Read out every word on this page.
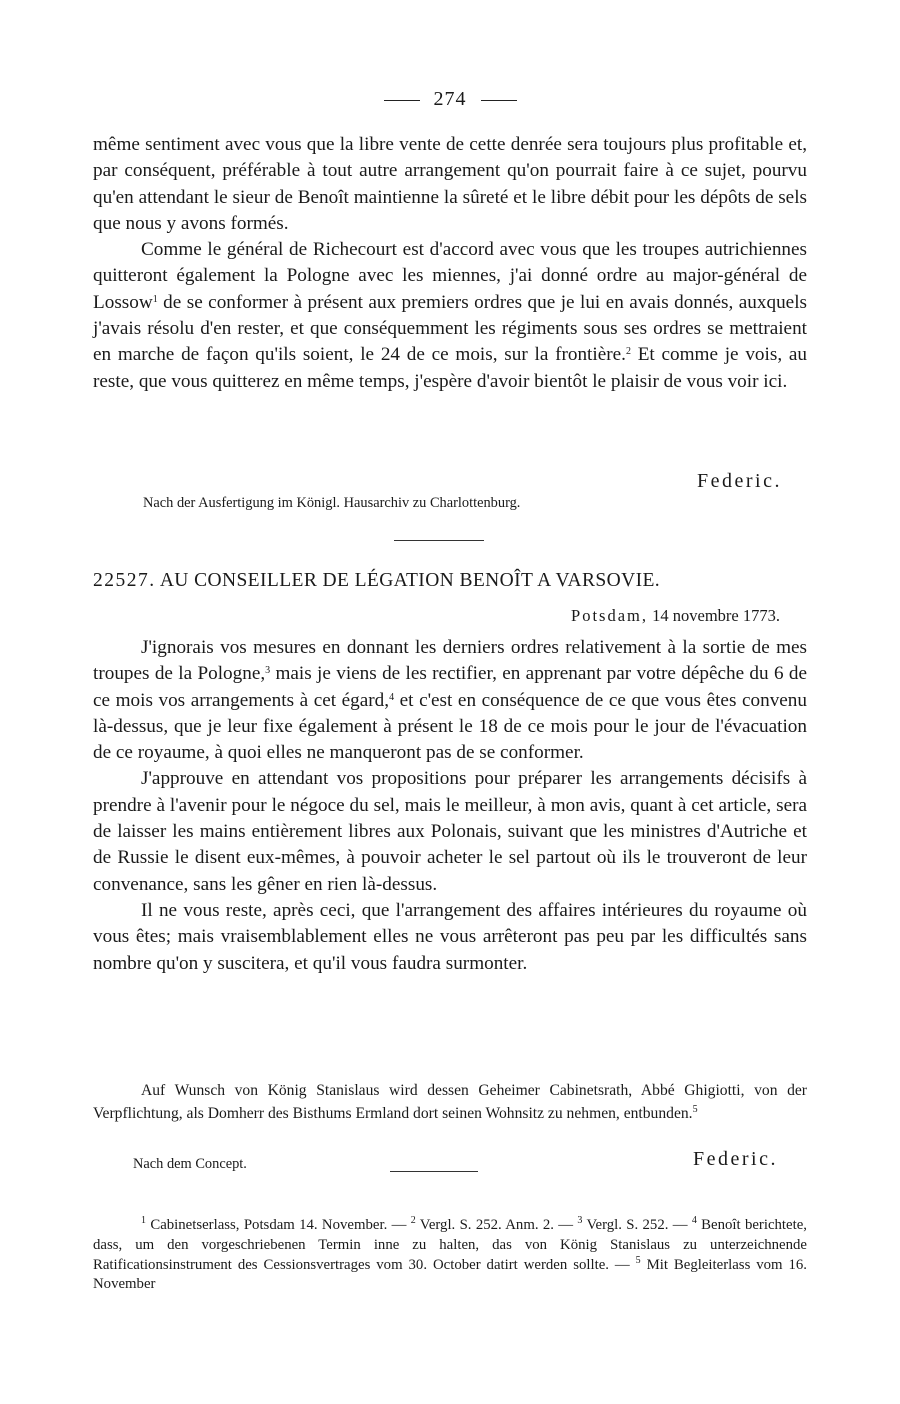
274

même sentiment avec vous que la libre vente de cette denrée sera toujours plus profitable et, par conséquent, préférable à tout autre arrangement qu'on pourrait faire à ce sujet, pourvu qu'en attendant le sieur de Benoît maintienne la sûreté et le libre débit pour les dépôts de sels que nous y avons formés.

Comme le général de Richecourt est d'accord avec vous que les troupes autrichiennes quitteront également la Pologne avec les miennes, j'ai donné ordre au major-général de Lossow$^1$ de se conformer à présent aux premiers ordres que je lui en avais donnés, auxquels j'avais résolu d'en rester, et que conséquemment les régiments sous ses ordres se mettraient en marche de façon qu'ils soient, le 24 de ce mois, sur la frontière.$^2$ Et comme je vois, au reste, que vous quitterez en même temps, j'espère d'avoir bientôt le plaisir de vous voir ici.

Federic.
Nach der Ausfertigung im Königl. Hausarchiv zu Charlottenburg.
22527. AU CONSEILLER DE LÉGATION BENOÎT A VARSOVIE.
Potsdam, 14 novembre 1773.

J'ignorais vos mesures en donnant les derniers ordres relativement à la sortie de mes troupes de la Pologne,$^3$ mais je viens de les rectifier, en apprenant par votre dépêche du 6 de ce mois vos arrangements à cet égard,$^4$ et c'est en conséquence de ce que vous êtes convenu là-dessus, que je leur fixe également à présent le 18 de ce mois pour le jour de l'évacuation de ce royaume, à quoi elles ne manqueront pas de se conformer.

J'approuve en attendant vos propositions pour préparer les arrangements décisifs à prendre à l'avenir pour le négoce du sel, mais le meilleur, à mon avis, quant à cet article, sera de laisser les mains entièrement libres aux Polonais, suivant que les ministres d'Autriche et de Russie le disent eux-mêmes, à pouvoir acheter le sel partout où ils le trouveront de leur convenance, sans les gêner en rien là-dessus.

Il ne vous reste, après ceci, que l'arrangement des affaires intérieures du royaume où vous êtes; mais vraisemblablement elles ne vous arrêteront pas peu par les difficultés sans nombre qu'on y suscitera, et qu'il vous faudra surmonter.

Auf Wunsch von König Stanislaus wird dessen Geheimer Cabinetsrath, Abbé Ghigiotti, von der Verpflichtung, als Domherr des Bisthums Ermland dort seinen Wohnsitz zu nehmen, entbunden.$^5$

Nach dem Concept.	Federic.

$^1$ Cabinetserlass, Potsdam 14. November. — $^2$ Vergl. S. 252. Anm. 2. — $^3$ Vergl. S. 252. — $^4$ Benoît berichtete, dass, um den vorgeschriebenen Termin inne zu halten, das von König Stanislaus zu unterzeichnende Ratificationsinstrument des Cessionsvertrages vom 30. October datirt werden sollte. — $^5$ Mit Begleiterlass vom 16. November
